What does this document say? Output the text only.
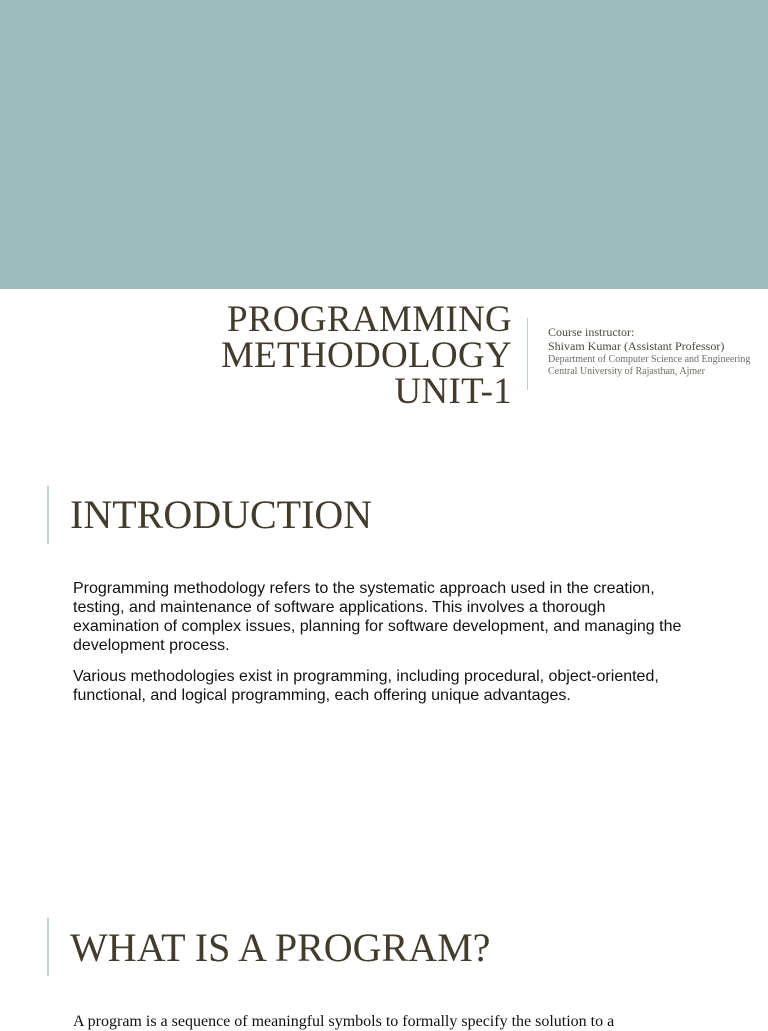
PROGRAMMING
METHODOLOGY
UNIT-1
Course instructor:
Shivam Kumar (Assistant Professor)
Department of Computer Science and Engineering
Central University of Rajasthan, Ajmer
INTRODUCTION

Programming methodology refers to the systematic approach used in the creation, testing, and maintenance of software applications. This involves a thorough examination of complex issues, planning for software development, and managing the development process.

Various methodologies exist in programming, including procedural, object-oriented, functional, and logical programming, each offering unique advantages.

WHAT IS A PROGRAM?

A program is a sequence of meaningful symbols to formally specify the solution to a
